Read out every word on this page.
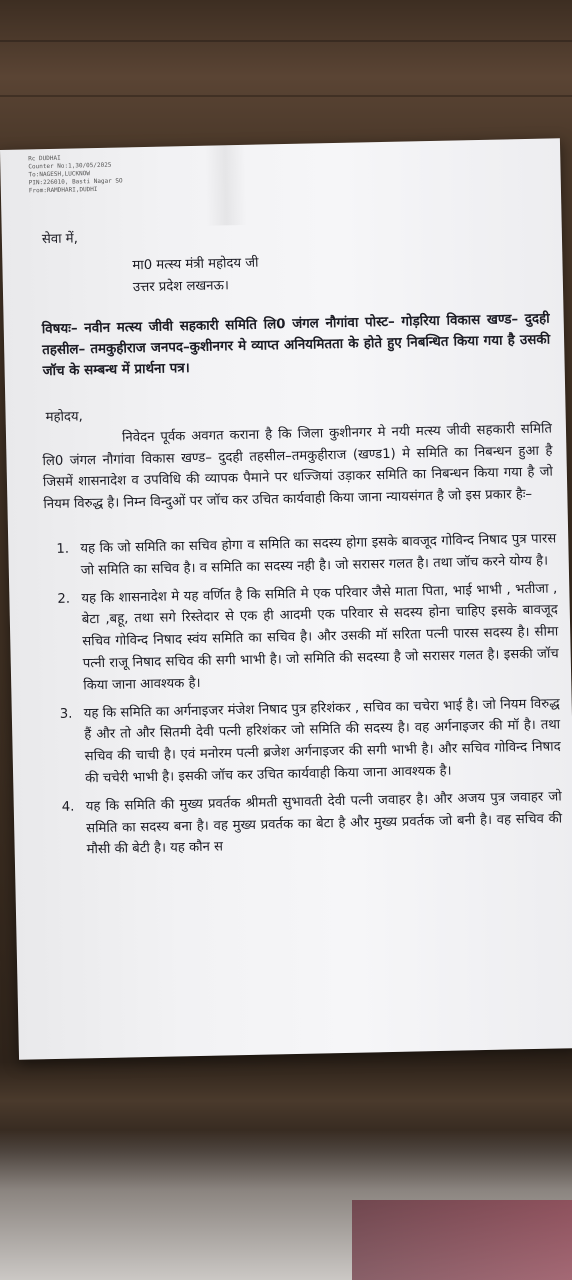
Rc DUDHAI
Counter No:1,30/05/2025
To:NAGESH,LUCKNOW
PIN:226010, Basti Nagar SO
From:RAMDHARI,DUDHI
सेवा में,
मा0 मत्स्य मंत्री महोदय जी
उत्तर प्रदेश लखनऊ।
विषयः– नवीन मत्स्य जीवी सहकारी समिति लि0 जंगल नौगांवा पोस्ट– गोड़रिया विकास खण्ड– दुदही तहसील– तमकुहीराज जनपद–कुशीनगर मे व्याप्त अनियमितता के होते हुए निबन्धित किया गया है उसकी जॉच के सम्बन्ध में प्रार्थना पत्र।
महोदय,
निवेदन पूर्वक अवगत कराना है कि जिला कुशीनगर मे नयी मत्स्य जीवी सहकारी समिति लि0 जंगल नौगांवा विकास खण्ड– दुदही तहसील–तमकुहीराज (खण्ड1) मे समिति का निबन्धन हुआ है जिसमें शासनादेश व उपविधि की व्यापक पैमाने पर धज्जियां उड़ाकर समिति का निबन्धन किया गया है जो नियम विरुद्ध है। निम्न विन्दुओं पर जॉच कर उचित कार्यवाही किया जाना न्यायसंगत है जो इस प्रकार हैः–
1. यह कि जो समिति का सचिव होगा व समिति का सदस्य होगा इसके बावजूद गोविन्द निषाद पुत्र पारस जो समिति का सचिव है। व समिति का सदस्य नही है। जो सरासर गलत है। तथा जॉच करने योग्य है।
2. यह कि शासनादेश मे यह वर्णित है कि समिति मे एक परिवार जैसे माता पिता, भाई भाभी , भतीजा , बेटा ,बहू, तथा सगे रिस्तेदार से एक ही आदमी एक परिवार से सदस्य होना चाहिए इसके बावजूद सचिव गोविन्द निषाद स्वंय समिति का सचिव है। और उसकी मॉ सरिता पत्नी पारस सदस्य है। सीमा पत्नी राजू निषाद सचिव की सगी भाभी है। जो समिति की सदस्या है जो सरासर गलत है। इसकी जॉच किया जाना आवश्यक है।
3. यह कि समिति का अर्गनाइजर मंजेश निषाद पुत्र हरिशंकर , सचिव का चचेरा भाई है। जो नियम विरुद्ध हैं और तो और सितमी देवी पत्नी हरिशंकर जो समिति की सदस्य है। वह अर्गनाइजर की मॉ है। तथा सचिव की चाची है। एवं मनोरम पत्नी ब्रजेश अर्गनाइजर की सगी भाभी है। और सचिव गोविन्द निषाद की चचेरी भाभी है। इसकी जॉच कर उचित कार्यवाही किया जाना आवश्यक है।
4. यह कि समिति की मुख्य प्रवर्तक श्रीमती सुभावती देवी पत्नी जवाहर है। और अजय पुत्र जवाहर जो समिति का सदस्य बना है। वह मुख्य प्रवर्तक का बेटा है और मुख्य प्रवर्तक जो बनी है। वह सचिव की मौसी की बेटी है। यह कौन स
